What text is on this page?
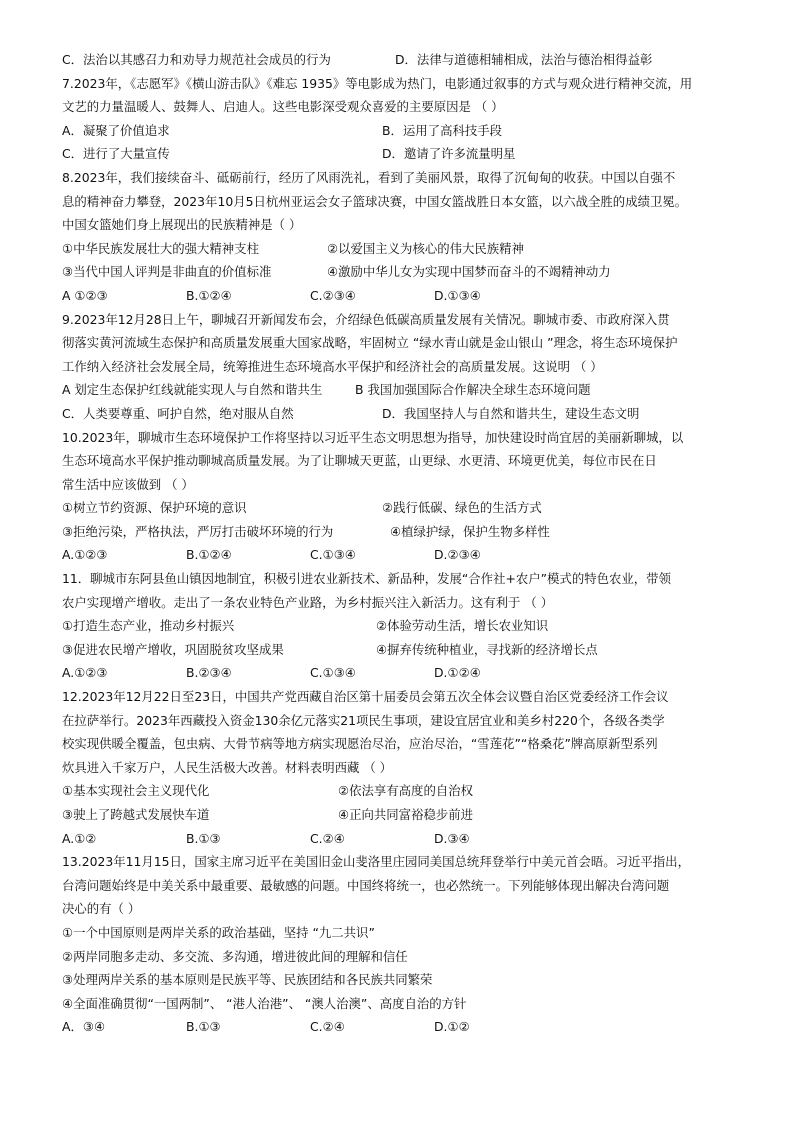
C．法治以其感召力和劝导力规范社会成员的行为	D．法律与道德相辅相成，法治与德治相得益彰
7.2023年，《志愿军》《横山游击队》《难忘 1935》等电影成为热门，电影通过叙事的方式与观众进行精神交流，用
文艺的力量温暖人、鼓舞人、启迪人。这些电影深受观众喜爱的主要原因是 （ ）
A．凝聚了价值追求	B．运用了高科技手段
C．进行了大量宣传	D．邀请了许多流量明星
8.2023年，我们接续奋斗、砥砺前行，经历了风雨洗礼，看到了美丽风景，取得了沉甸甸的收获。中国以自强不
息的精神奋力攀登，2023年10月5日杭州亚运会女子篮球决赛，中国女篮战胜日本女篮，以六战全胜的成绩卫冕。
中国女篮她们身上展现出的民族精神是（ ）
①中华民族发展壮大的强大精神支柱	②以爱国主义为核心的伟大民族精神
③当代中国人评判是非曲直的价值标准	④激励中华儿女为实现中国梦而奋斗的不竭精神动力
A ①②③	B.①②④	C.②③④	D.①③④
9.2023年12月28日上午，聊城召开新闻发布会，介绍绿色低碳高质量发展有关情况。聊城市委、市政府深入贯
彻落实黄河流域生态保护和高质量发展重大国家战略，牢固树立 “绿水青山就是金山银山 ”理念，将生态环境保护
工作纳入经济社会发展全局，统筹推进生态环境高水平保护和经济社会的高质量发展。这说明 （ ）
A 划定生态保护红线就能实现人与自然和谐共生	B 我国加强国际合作解决全球生态环境问题
C．人类要尊重、呵护自然，绝对服从自然	D．我国坚持人与自然和谐共生，建设生态文明
10.2023年，聊城市生态环境保护工作将坚持以习近平生态文明思想为指导，加快建设时尚宜居的美丽新聊城，以
生态环境高水平保护推动聊城高质量发展。为了让聊城天更蓝，山更绿、水更清、环境更优美，每位市民在日
常生活中应该做到 （ ）
①树立节约资源、保护环境的意识	②践行低碳、绿色的生活方式
③拒绝污染，严格执法，严厉打击破坏环境的行为	④植绿护绿，保护生物多样性
A.①②③	B.①②④	C.①③④	D.②③④
11．聊城市东阿县鱼山镇因地制宜，积极引进农业新技术、新品种，发展“合作社+农户”模式的特色农业，带领
农户实现增产增收。走出了一条农业特色产业路，为乡村振兴注入新活力。这有利于 （ ）
①打造生态产业，推动乡村振兴	②体验劳动生活，增长农业知识
③促进农民增产增收，巩固脱贫攻坚成果	④摒弃传统种植业，寻找新的经济增长点
A.①②③	B.②③④	C.①③④	D.①②④
12.2023年12月22日至23日，中国共产党西藏自治区第十届委员会第五次全体会议暨自治区党委经济工作会议
在拉萨举行。2023年西藏投入资金130余亿元落实21项民生事项，建设宜居宜业和美乡村220个，各级各类学
校实现供暖全覆盖，包虫病、大骨节病等地方病实现愿治尽治，应治尽治，“雪莲花”“格桑花”牌高原新型系列
炊具进入千家万户，人民生活极大改善。材料表明西藏 （ ）
①基本实现社会主义现代化	②依法享有高度的自治权
③驶上了跨越式发展快车道	④正向共同富裕稳步前进
A.①②	B.①③	C.②④	D.③④
13.2023年11月15日，国家主席习近平在美国旧金山斐洛里庄园同美国总统拜登举行中美元首会晤。习近平指出，
台湾问题始终是中美关系中最重要、最敏感的问题。中国终将统一，也必然统一。下列能够体现出解决台湾问题
决心的有（ ）
①一个中国原则是两岸关系的政治基础，坚持 “九二共识”
②两岸同胞多走动、多交流、多沟通，增进彼此间的理解和信任
③处理两岸关系的基本原则是民族平等、民族团结和各民族共同繁荣
④全面准确贯彻“一国两制”、 “港人治港”、 “澳人治澳”、高度自治的方针
A．③④	B.①③	C.②④	D.①②
